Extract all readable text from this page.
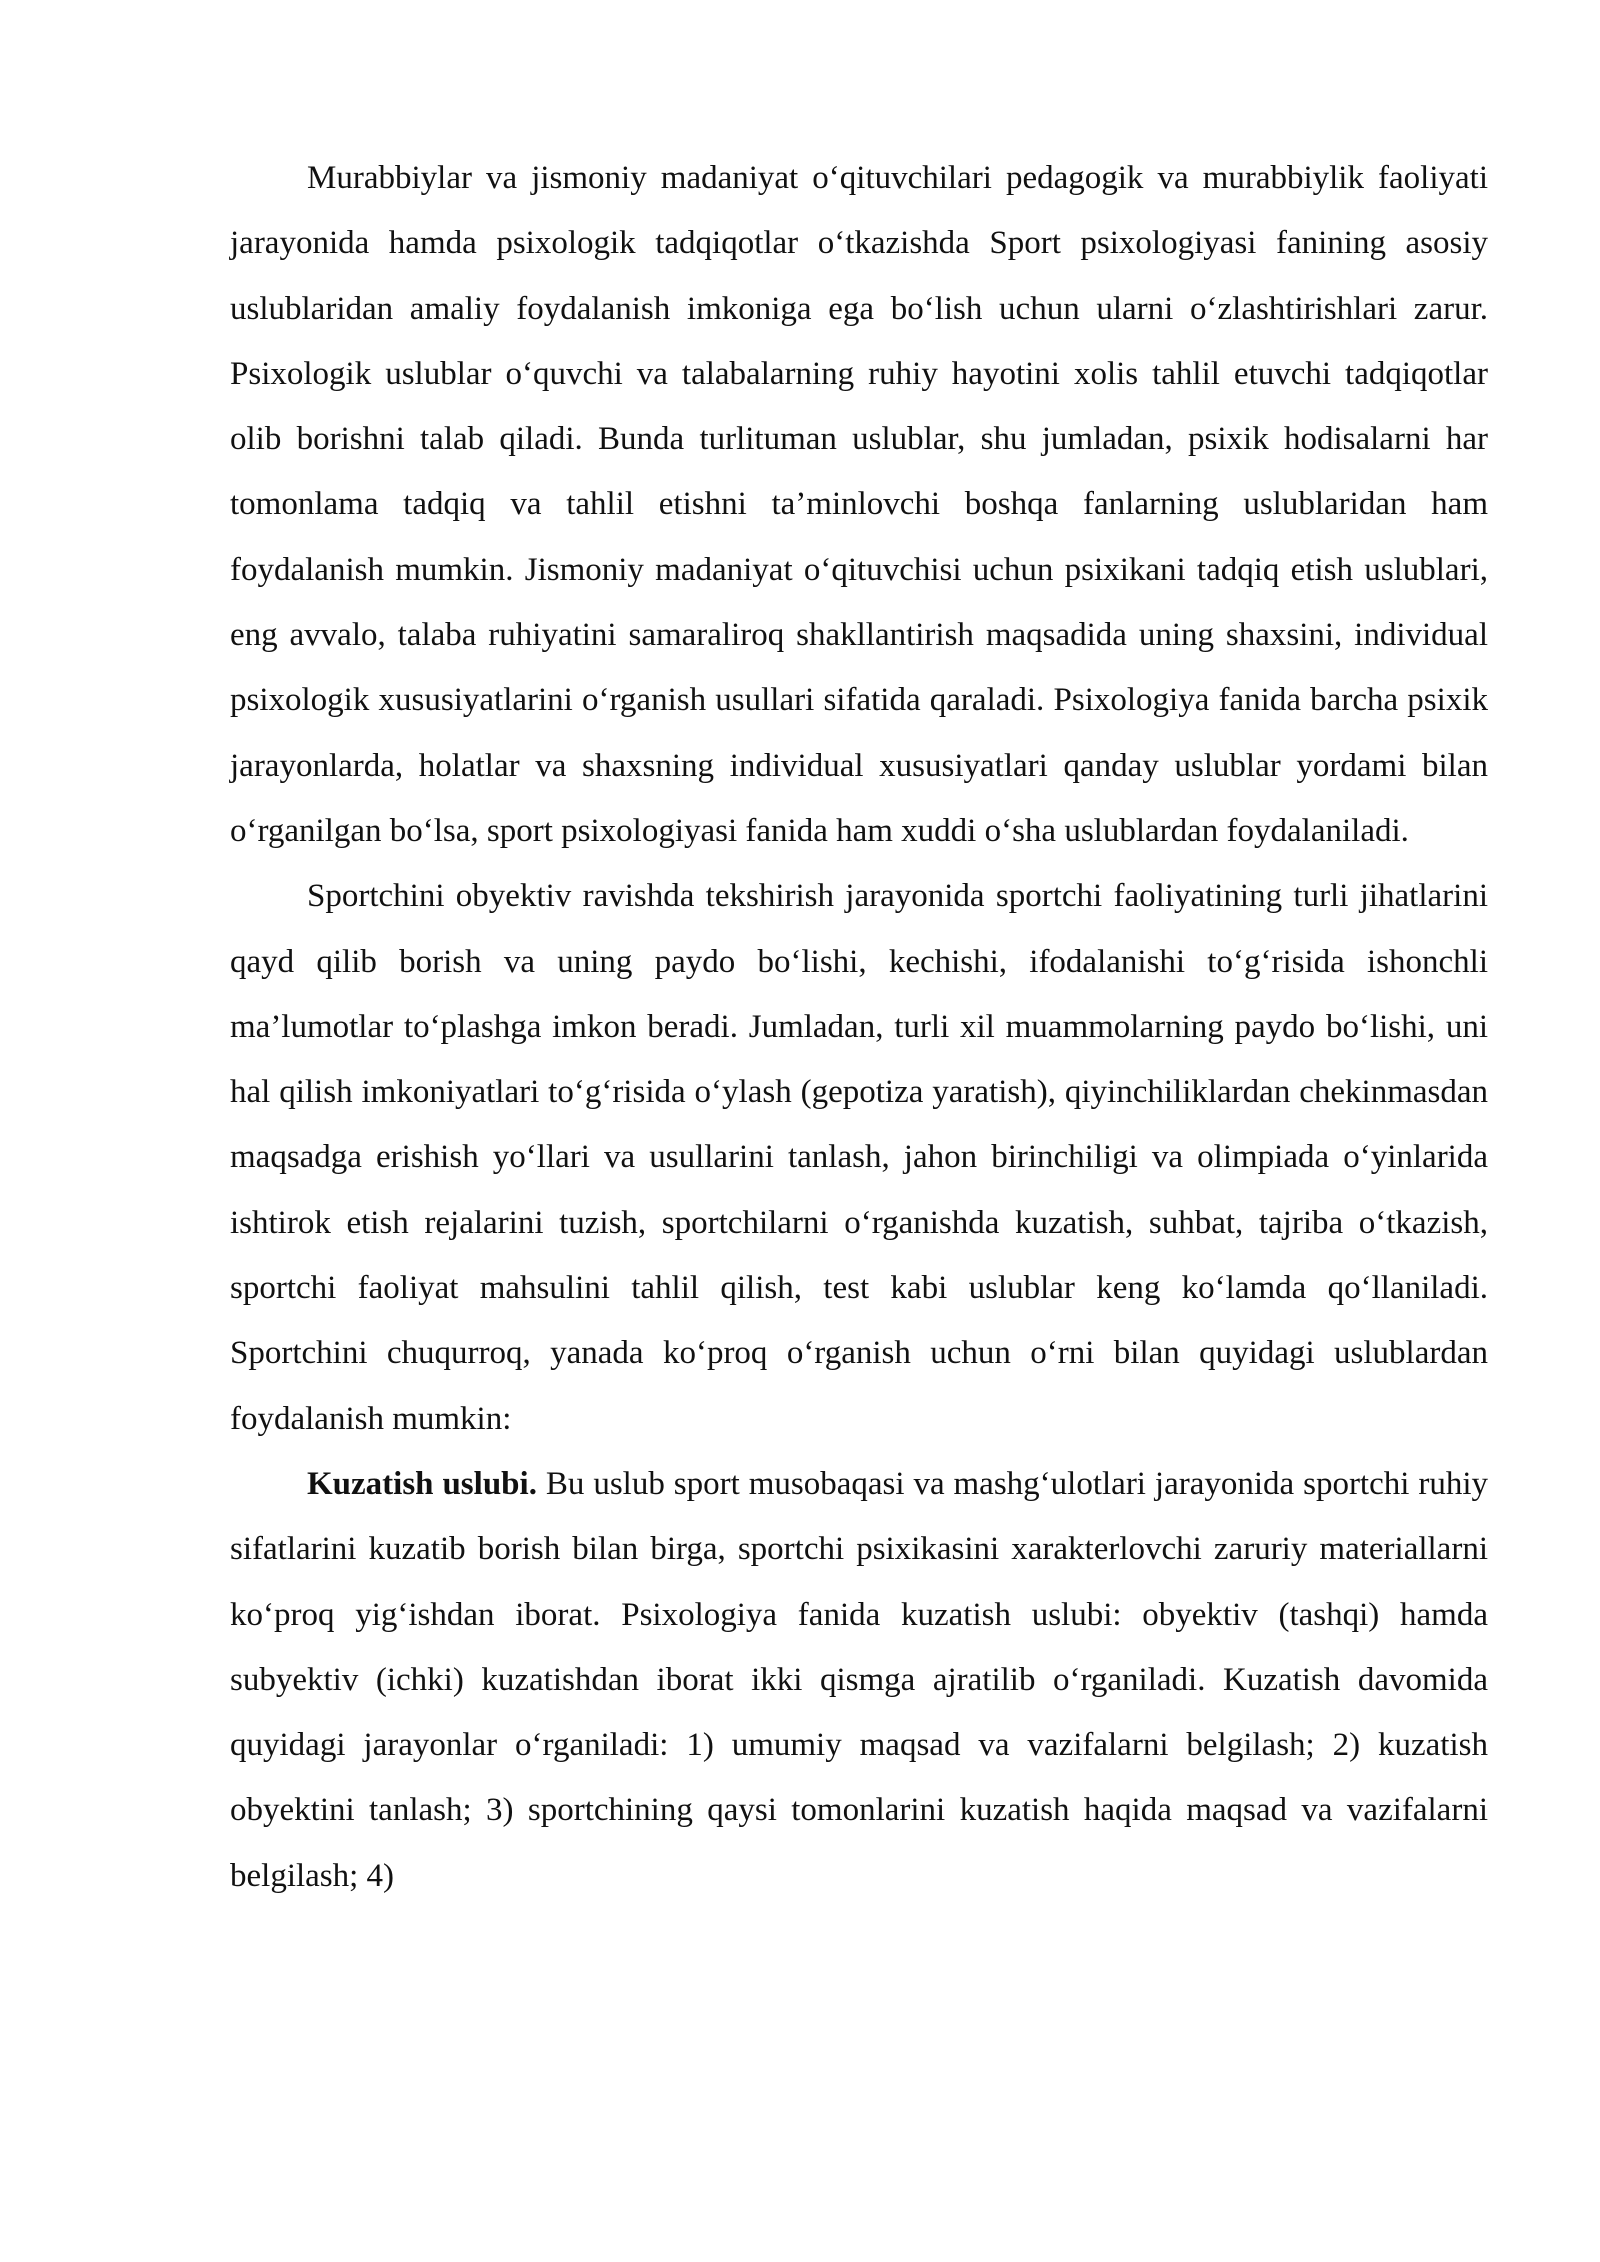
Murabbiylar va jismoniy madaniyat o‘qituvchilari pedagogik va murabbiylik faoliyati jarayonida hamda psixologik tadqiqotlar o‘tkazishda Sport psixologiyasi fanining asosiy uslublaridan amaliy foydalanish imkoniga ega bo‘lish uchun ularni o‘zlashtirishlari zarur. Psixologik uslublar o‘quvchi va talabalarning ruhiy hayotini xolis tahlil etuvchi tadqiqotlar olib borishni talab qiladi. Bunda turlituman uslublar, shu jumladan, psixik hodisalarni har tomonlama tadqiq va tahlil etishni ta’minlovchi boshqa fanlarning uslublaridan ham foydalanish mumkin. Jismoniy madaniyat o‘qituvchisi uchun psixikani tadqiq etish uslublari, eng avvalo, talaba ruhiyatini samaraliroq shakllantirish maqsadida uning shaxsini, individual psixologik xususiyatlarini o‘rganish usullari sifatida qaraladi. Psixologiya fanida barcha psixik jarayonlarda, holatlar va shaxsning individual xususiyatlari qanday uslublar yordami bilan o‘rganilgan bo‘lsa, sport psixologiyasi fanida ham xuddi o‘sha uslublardan foydalaniladi.

Sportchini obyektiv ravishda tekshirish jarayonida sportchi faoliyatining turli jihatlarini qayd qilib borish va uning paydo bo‘lishi, kechishi, ifodalanishi to‘g‘risida ishonchli ma’lumotlar to‘plashga imkon beradi. Jumladan, turli xil muammolarning paydo bo‘lishi, uni hal qilish imkoniyatlari to‘g‘risida o‘ylash (gepotiza yaratish), qiyinchiliklardan chekinmasdan maqsadga erishish yo‘llari va usullarini tanlash, jahon birinchiligi va olimpiada o‘yinlarida ishtirok etish rejalarini tuzish, sportchilarni o‘rganishda kuzatish, suhbat, tajriba o‘tkazish, sportchi faoliyat mahsulini tahlil qilish, test kabi uslublar keng ko‘lamda qo‘llaniladi. Sportchini chuqurroq, yanada ko‘proq o‘rganish uchun o‘rni bilan quyidagi uslublardan foydalanish mumkin:

Kuzatish uslubi. Bu uslub sport musobaqasi va mashg‘ulotlari jarayonida sportchi ruhiy sifatlarini kuzatib borish bilan birga, sportchi psixikasini xarakterlovchi zaruriy materiallarni ko‘proq yig‘ishdan iborat. Psixologiya fanida kuzatish uslubi: obyektiv (tashqi) hamda subyektiv (ichki) kuzatishdan iborat ikki qismga ajratilib o‘rganiladi. Kuzatish davomida quyidagi jarayonlar o‘rganiladi: 1) umumiy maqsad va vazifalarni belgilash; 2) kuzatish obyektini tanlash; 3) sportchining qaysi tomonlarini kuzatish haqida maqsad va vazifalarni belgilash; 4)
